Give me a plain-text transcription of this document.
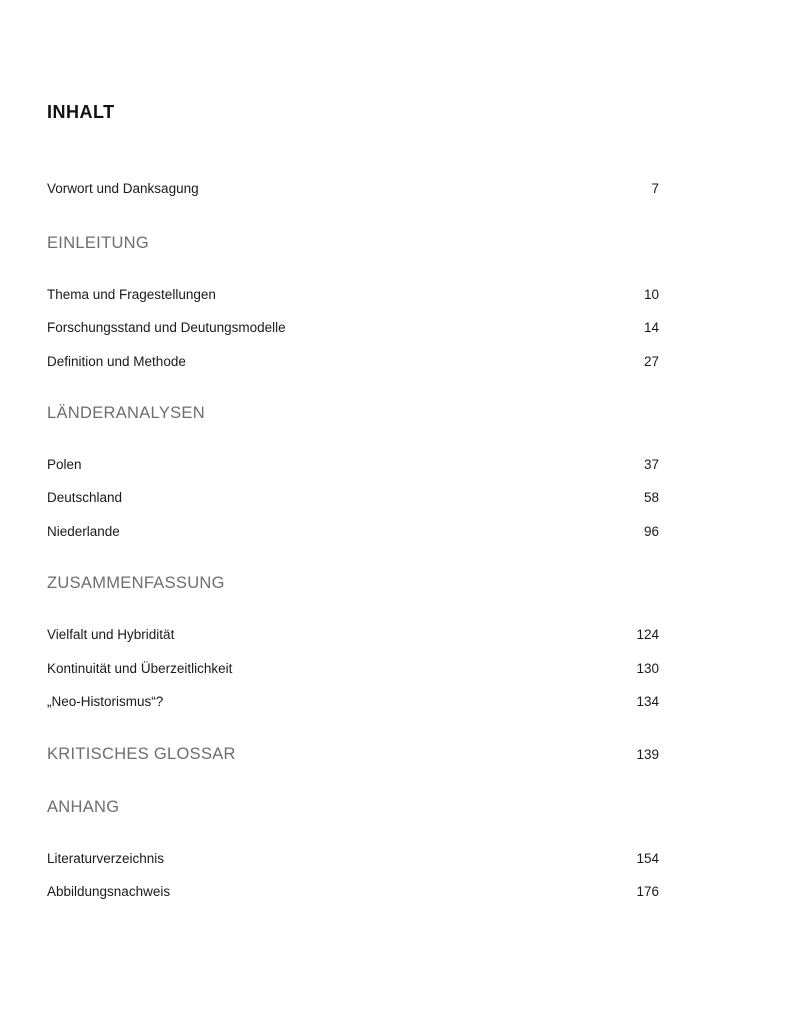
INHALT
Vorwort und Danksagung	7
EINLEITUNG
Thema und Fragestellungen	10
Forschungsstand und Deutungsmodelle	14
Definition und Methode	27
LÄNDERANALYSEN
Polen	37
Deutschland	58
Niederlande	96
ZUSAMMENFASSUNG
Vielfalt und Hybridität	124
Kontinuität und Überzeitlichkeit	130
„Neo-Historismus“?	134
KRITISCHES GLOSSAR	139
ANHANG
Literaturverzeichnis	154
Abbildungsnachweis	176
